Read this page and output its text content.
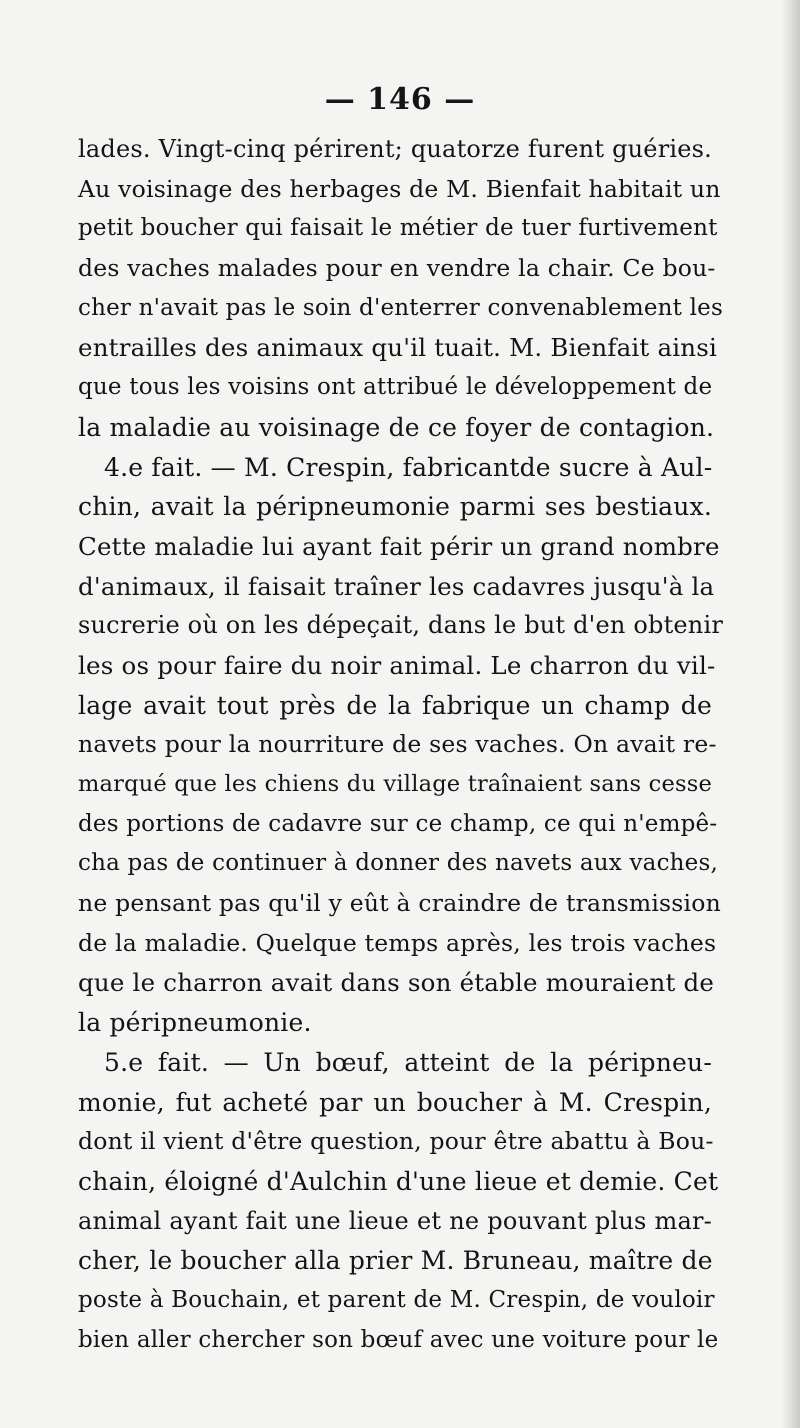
— 146 —
lades. Vingt-cinq périrent; quatorze furent guéries.
Au voisinage des herbages de M. Bienfait habitait un
petit boucher qui faisait le métier de tuer furtivement
des vaches malades pour en vendre la chair. Ce bou-
cher n'avait pas le soin d'enterrer convenablement les
entrailles des animaux qu'il tuait. M. Bienfait ainsi
que tous les voisins ont attribué le développement de
la maladie au voisinage de ce foyer de contagion.
4.e fait. — M. Crespin, fabricantde sucre à Aul-
chin, avait la péripneumonie parmi ses bestiaux.
Cette maladie lui ayant fait périr un grand nombre
d'animaux, il faisait traîner les cadavres jusqu'à la
sucrerie où on les dépeçait, dans le but d'en obtenir
les os pour faire du noir animal. Le charron du vil-
lage avait tout près de la fabrique un champ de
navets pour la nourriture de ses vaches. On avait re-
marqué que les chiens du village traînaient sans cesse
des portions de cadavre sur ce champ, ce qui n'empê-
cha pas de continuer à donner des navets aux vaches,
ne pensant pas qu'il y eût à craindre de transmission
de la maladie. Quelque temps après, les trois vaches
que le charron avait dans son étable mouraient de
la péripneumonie.
5.e fait. — Un bœuf, atteint de la péripneu-
monie, fut acheté par un boucher à M. Crespin,
dont il vient d'être question, pour être abattu à Bou-
chain, éloigné d'Aulchin d'une lieue et demie. Cet
animal ayant fait une lieue et ne pouvant plus mar-
cher, le boucher alla prier M. Bruneau, maître de
poste à Bouchain, et parent de M. Crespin, de vouloir
bien aller chercher son bœuf avec une voiture pour le
